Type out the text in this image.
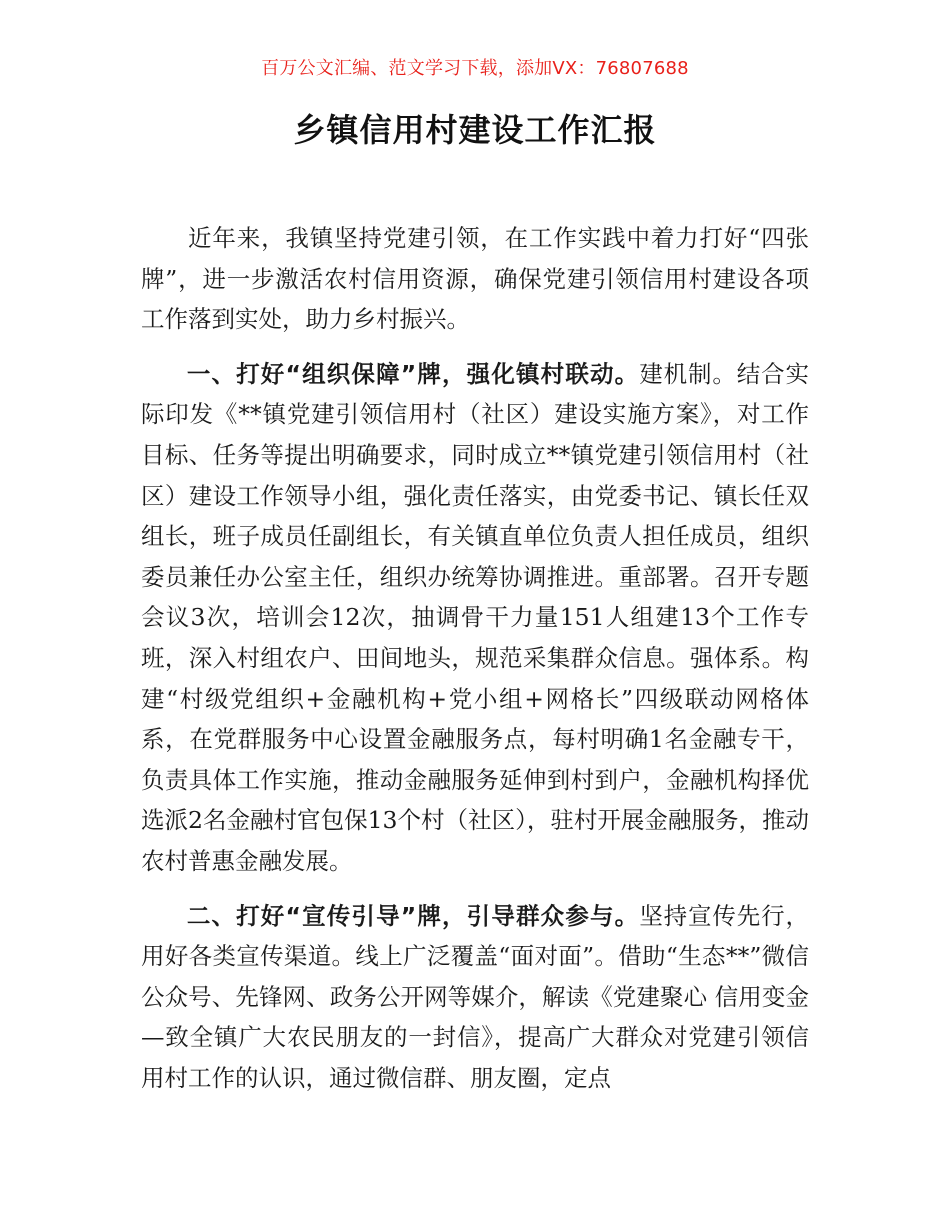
百万公文汇编、范文学习下载，添加VX：76807688
乡镇信用村建设工作汇报

近年来，我镇坚持党建引领，在工作实践中着力打好“四张牌”，进一步激活农村信用资源，确保党建引领信用村建设各项工作落到实处，助力乡村振兴。

一、打好“组织保障”牌，强化镇村联动。建机制。结合实际印发《**镇党建引领信用村（社区）建设实施方案》，对工作目标、任务等提出明确要求，同时成立**镇党建引领信用村（社区）建设工作领导小组，强化责任落实，由党委书记、镇长任双组长，班子成员任副组长，有关镇直单位负责人担任成员，组织委员兼任办公室主任，组织办统筹协调推进。重部署。召开专题会议3次，培训会12次，抽调骨干力量151人组建13个工作专班，深入村组农户、田间地头，规范采集群众信息。强体系。构建“村级党组织+金融机构+党小组+网格长”四级联动网格体系，在党群服务中心设置金融服务点，每村明确1名金融专干，负责具体工作实施，推动金融服务延伸到村到户，金融机构择优选派2名金融村官包保13个村（社区），驻村开展金融服务，推动农村普惠金融发展。

二、打好“宣传引导”牌，引导群众参与。坚持宣传先行，用好各类宣传渠道。线上广泛覆盖“面对面”。借助“生态**”微信公众号、先锋网、政务公开网等媒介，解读《党建聚心 信用变金—致全镇广大农民朋友的一封信》，提高广大群众对党建引领信用村工作的认识，通过微信群、朋友圈，定点
